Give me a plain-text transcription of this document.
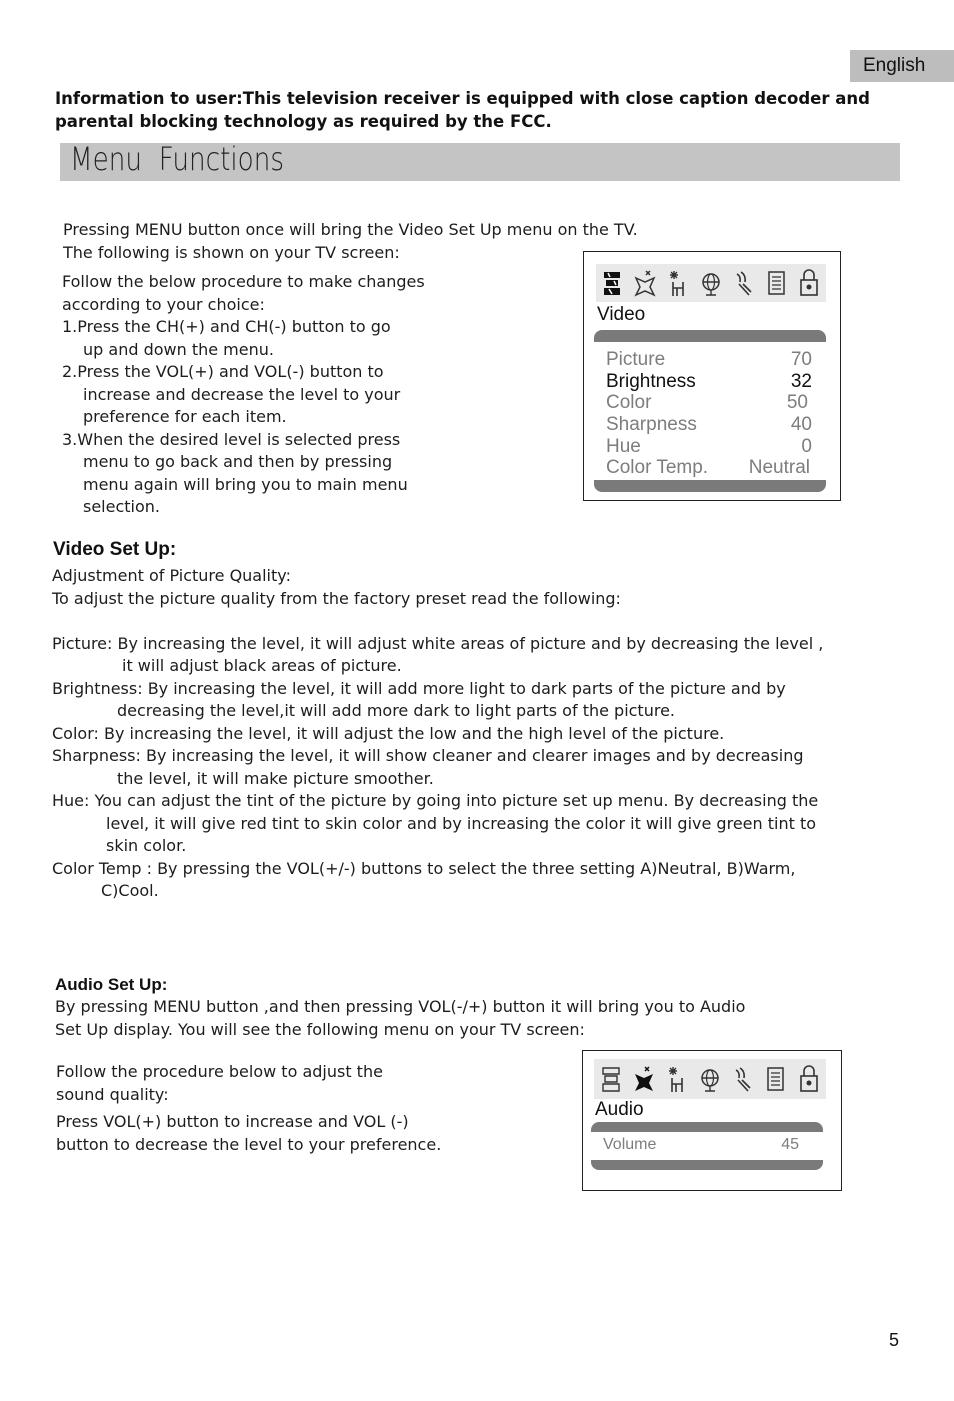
English
Information to user:This television receiver is equipped with close caption decoder and parental blocking technology as required by the FCC.
Menu  Functions
Pressing MENU button once will bring the Video Set Up menu on the TV.
The following is shown on your TV screen:
Follow the below procedure to make changes
according to your choice:
1.Press the CH(+) and CH(-) button to go
up and down the menu.
2.Press the VOL(+) and VOL(-) button to
increase and decrease the level to your
preference for each item.
3.When the desired level is selected press
menu to go back and then by pressing
menu again will bring you to main menu
selection.
Video
Picture	70
Brightness	32
Color	50
Sharpness	40
Hue	0
Color Temp. Neutral
Video Set Up:
Adjustment of Picture Quality:
To adjust the picture quality from the factory preset read the following:
Picture: By increasing the level, it will adjust white areas of picture and by decreasing the level ,
it will adjust black areas of picture.
Brightness: By increasing the level, it will add more light to dark parts of the picture and by
decreasing the level,it will add more dark to light parts of the picture.
Color: By increasing the level, it will adjust the low and the high level of the picture.
Sharpness: By increasing the level, it will show cleaner and clearer images and by decreasing
the level, it will make picture smoother.
Hue: You can adjust the tint of the picture by going into picture set up menu. By decreasing the
level, it will give red tint to skin color and by increasing the color it will give green tint to
skin color.
Color Temp : By pressing the VOL(+/-) buttons to select the three setting A)Neutral, B)Warm,
C)Cool.
Audio Set Up:
By pressing MENU button ,and then pressing VOL(-/+) button it will bring you to Audio
Set Up display. You will see the following menu on your TV screen:
Follow the procedure below to adjust the
sound quality:
Press VOL(+) button to increase and VOL (-)
button to decrease the level to your preference.
Audio
Volume	45
5
